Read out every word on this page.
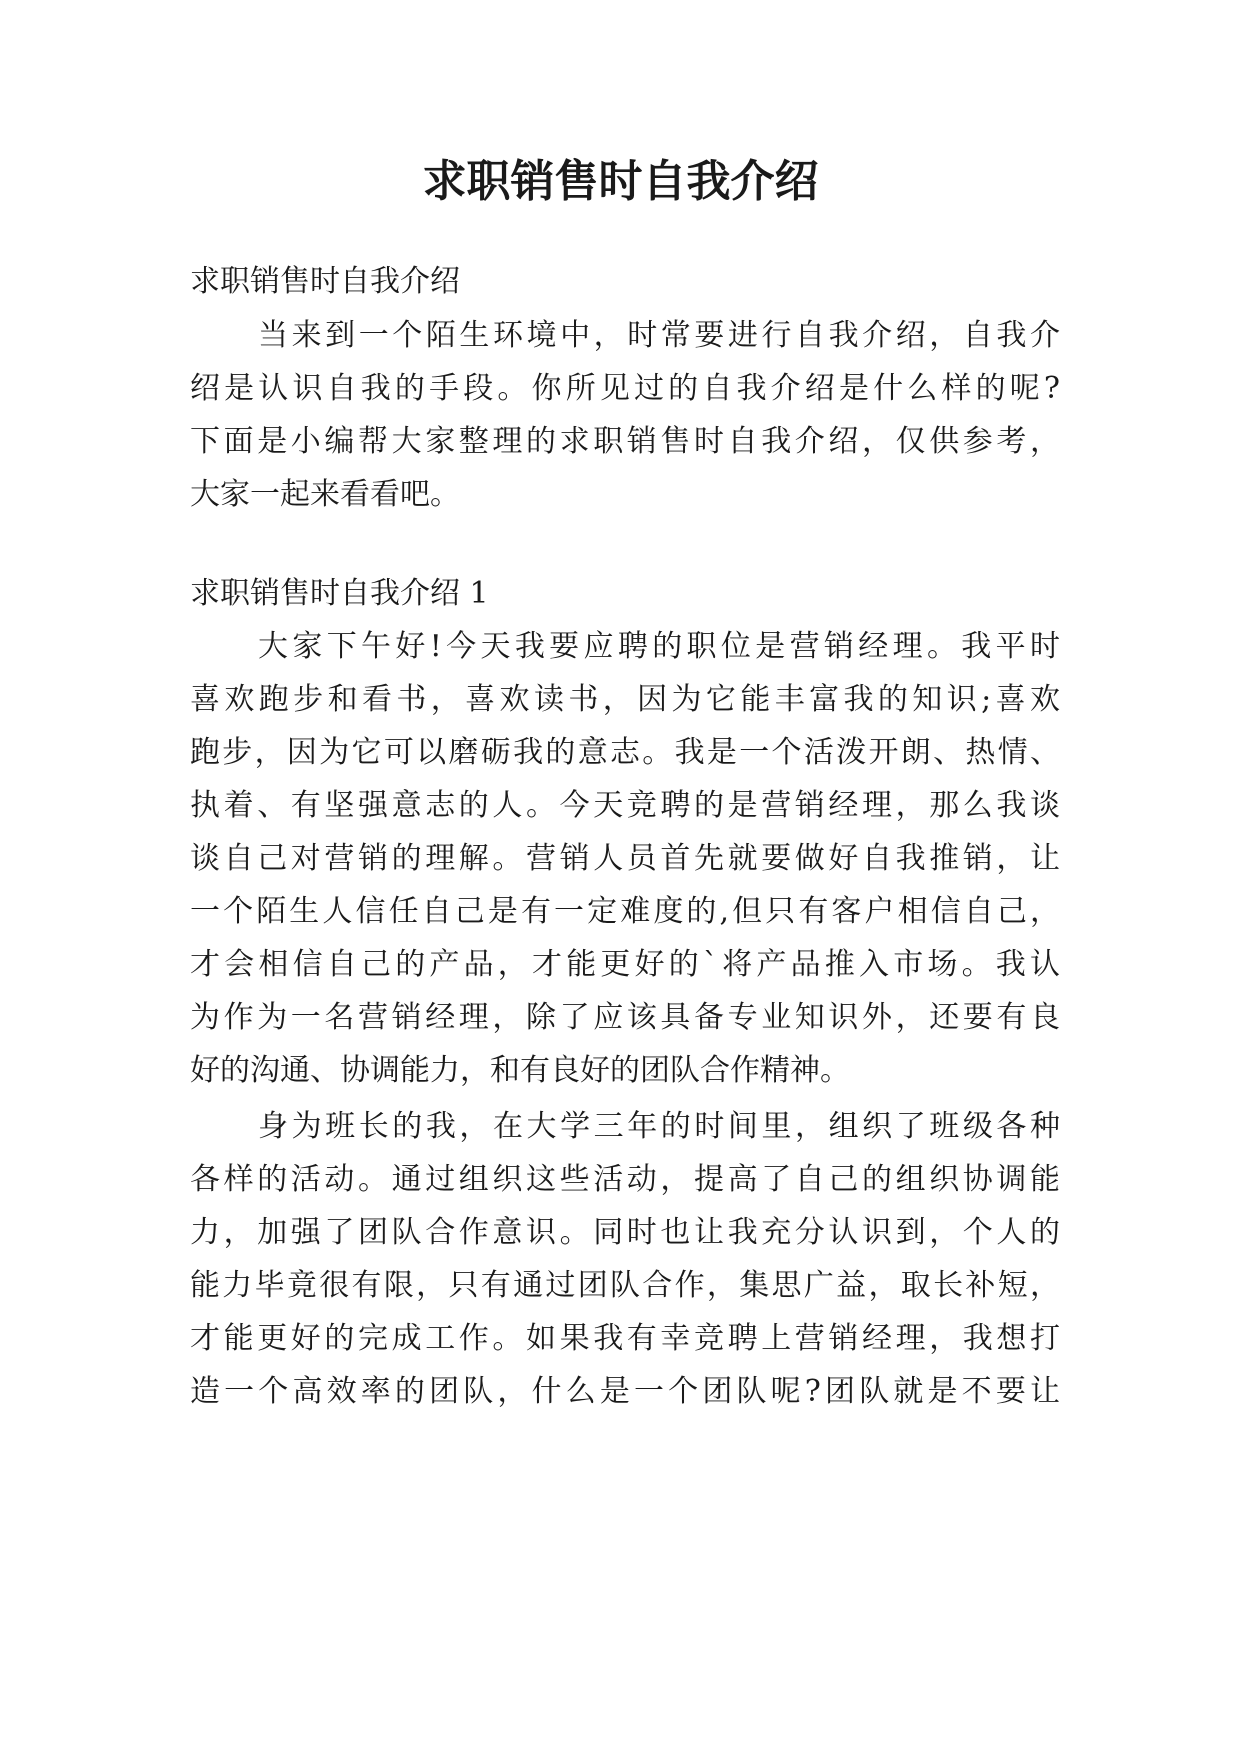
求职销售时自我介绍

求职销售时自我介绍

当来到一个陌生环境中，时常要进行自我介绍，自我介

绍是认识自我的手段。你所见过的自我介绍是什么样的呢?

下面是小编帮大家整理的求职销售时自我介绍，仅供参考，

大家一起来看看吧。

求职销售时自我介绍 1

大家下午好!今天我要应聘的职位是营销经理。我平时

喜欢跑步和看书，喜欢读书，因为它能丰富我的知识;喜欢

跑步，因为它可以磨砺我的意志。我是一个活泼开朗、热情、

执着、有坚强意志的人。今天竞聘的是营销经理，那么我谈

谈自己对营销的理解。营销人员首先就要做好自我推销，让

一个陌生人信任自己是有一定难度的,但只有客户相信自己，

才会相信自己的产品，才能更好的`将产品推入市场。我认

为作为一名营销经理，除了应该具备专业知识外，还要有良

好的沟通、协调能力，和有良好的团队合作精神。

身为班长的我，在大学三年的时间里，组织了班级各种

各样的活动。通过组织这些活动，提高了自己的组织协调能

力，加强了团队合作意识。同时也让我充分认识到，个人的

能力毕竟很有限，只有通过团队合作，集思广益，取长补短，

才能更好的完成工作。如果我有幸竞聘上营销经理，我想打

造一个高效率的团队，什么是一个团队呢?团队就是不要让
